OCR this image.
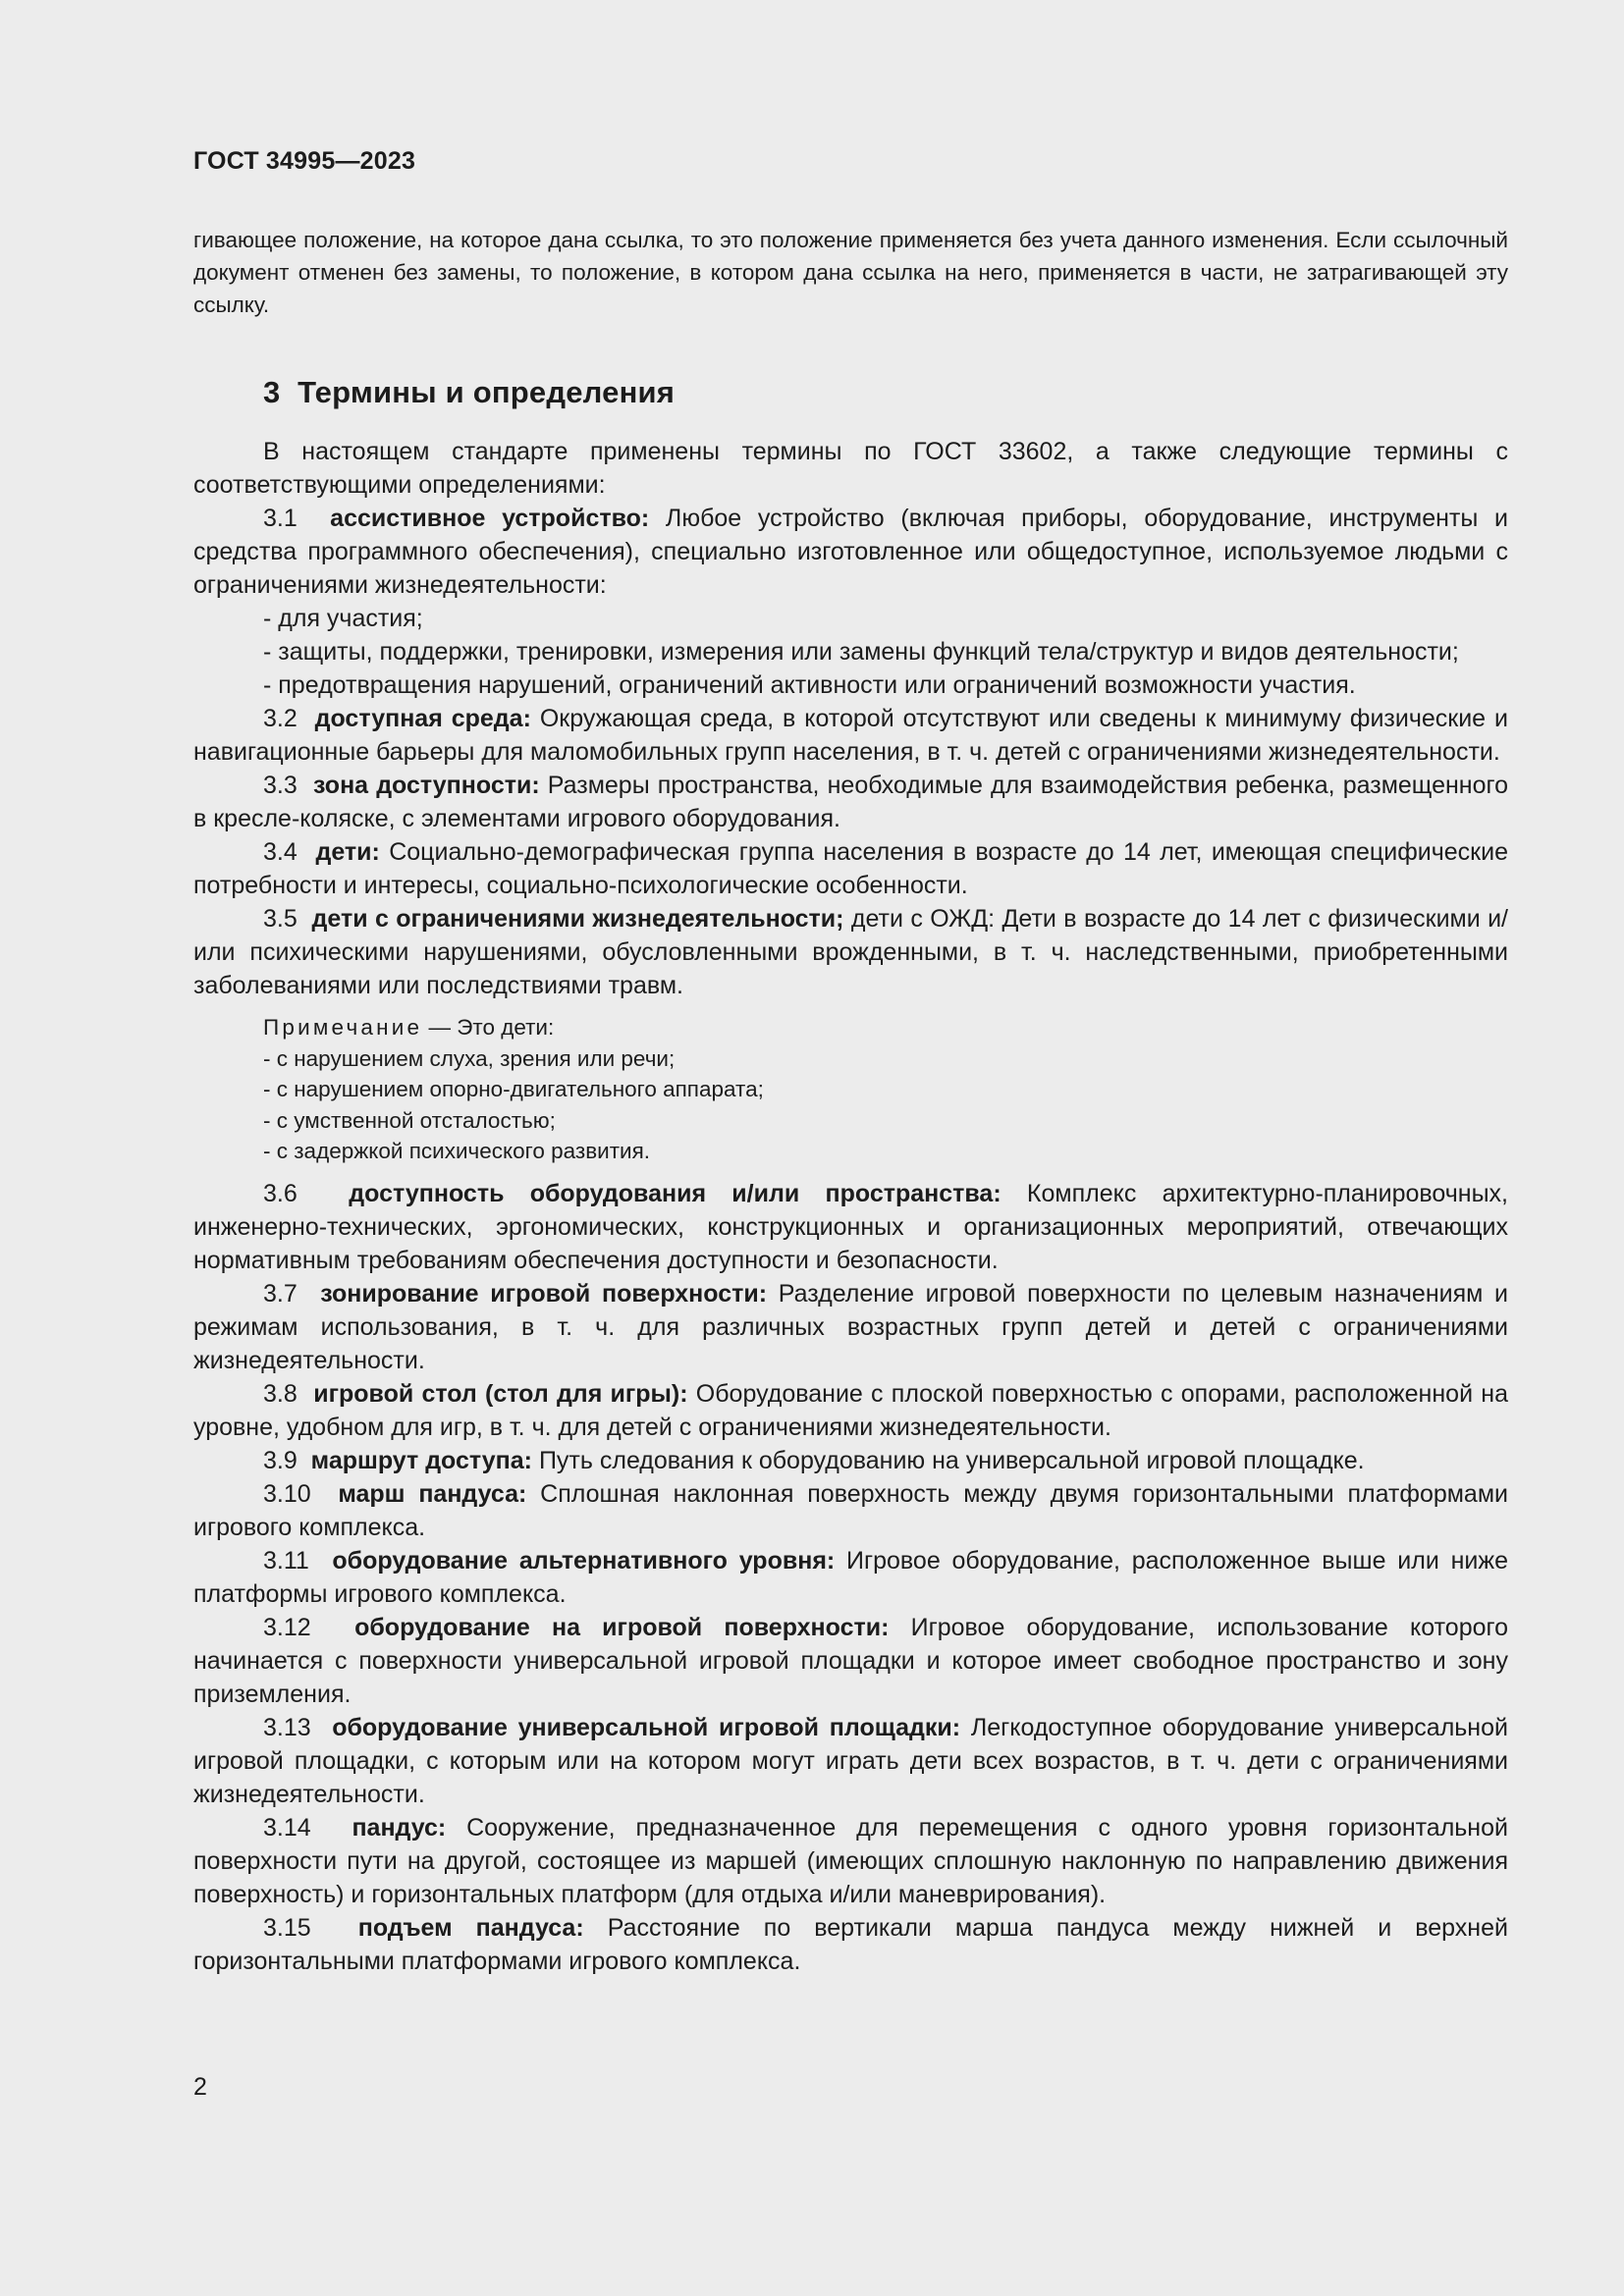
ГОСТ 34995—2023
гивающее положение, на которое дана ссылка, то это положение применяется без учета данного изменения. Если ссылочный документ отменен без замены, то положение, в котором дана ссылка на него, применяется в части, не затрагивающей эту ссылку.
3 Термины и определения

В настоящем стандарте применены термины по ГОСТ 33602, а также следующие термины с соответствующими определениями:

3.1 ассистивное устройство: Любое устройство (включая приборы, оборудование, инструменты и средства программного обеспечения), специально изготовленное или общедоступное, используемое людьми с ограничениями жизнедеятельности:

- для участия;

- защиты, поддержки, тренировки, измерения или замены функций тела/структур и видов деятельности;

- предотвращения нарушений, ограничений активности или ограничений возможности участия.

3.2 доступная среда: Окружающая среда, в которой отсутствуют или сведены к минимуму физические и навигационные барьеры для маломобильных групп населения, в т. ч. детей с ограничениями жизнедеятельности.

3.3 зона доступности: Размеры пространства, необходимые для взаимодействия ребенка, размещенного в кресле-коляске, с элементами игрового оборудования.

3.4 дети: Социально-демографическая группа населения в возрасте до 14 лет, имеющая специфические потребности и интересы, социально-психологические особенности.

3.5 дети с ограничениями жизнедеятельности; дети с ОЖД: Дети в возрасте до 14 лет с физическими и/или психическими нарушениями, обусловленными врожденными, в т. ч. наследственными, приобретенными заболеваниями или последствиями травм.

Примечание — Это дети:
- с нарушением слуха, зрения или речи;
- с нарушением опорно-двигательного аппарата;
- с умственной отсталостью;
- с задержкой психического развития.

3.6 доступность оборудования и/или пространства: Комплекс архитектурно-планировочных, инженерно-технических, эргономических, конструкционных и организационных мероприятий, отвечающих нормативным требованиям обеспечения доступности и безопасности.

3.7 зонирование игровой поверхности: Разделение игровой поверхности по целевым назначениям и режимам использования, в т. ч. для различных возрастных групп детей и детей с ограничениями жизнедеятельности.

3.8 игровой стол (стол для игры): Оборудование с плоской поверхностью с опорами, расположенной на уровне, удобном для игр, в т. ч. для детей с ограничениями жизнедеятельности.

3.9 маршрут доступа: Путь следования к оборудованию на универсальной игровой площадке.

3.10 марш пандуса: Сплошная наклонная поверхность между двумя горизонтальными платформами игрового комплекса.

3.11 оборудование альтернативного уровня: Игровое оборудование, расположенное выше или ниже платформы игрового комплекса.

3.12 оборудование на игровой поверхности: Игровое оборудование, использование которого начинается с поверхности универсальной игровой площадки и которое имеет свободное пространство и зону приземления.

3.13 оборудование универсальной игровой площадки: Легкодоступное оборудование универсальной игровой площадки, с которым или на котором могут играть дети всех возрастов, в т. ч. дети с ограничениями жизнедеятельности.

3.14 пандус: Сооружение, предназначенное для перемещения с одного уровня горизонтальной поверхности пути на другой, состоящее из маршей (имеющих сплошную наклонную по направлению движения поверхность) и горизонтальных платформ (для отдыха и/или маневрирования).

3.15 подъем пандуса: Расстояние по вертикали марша пандуса между нижней и верхней горизонтальными платформами игрового комплекса.

2
